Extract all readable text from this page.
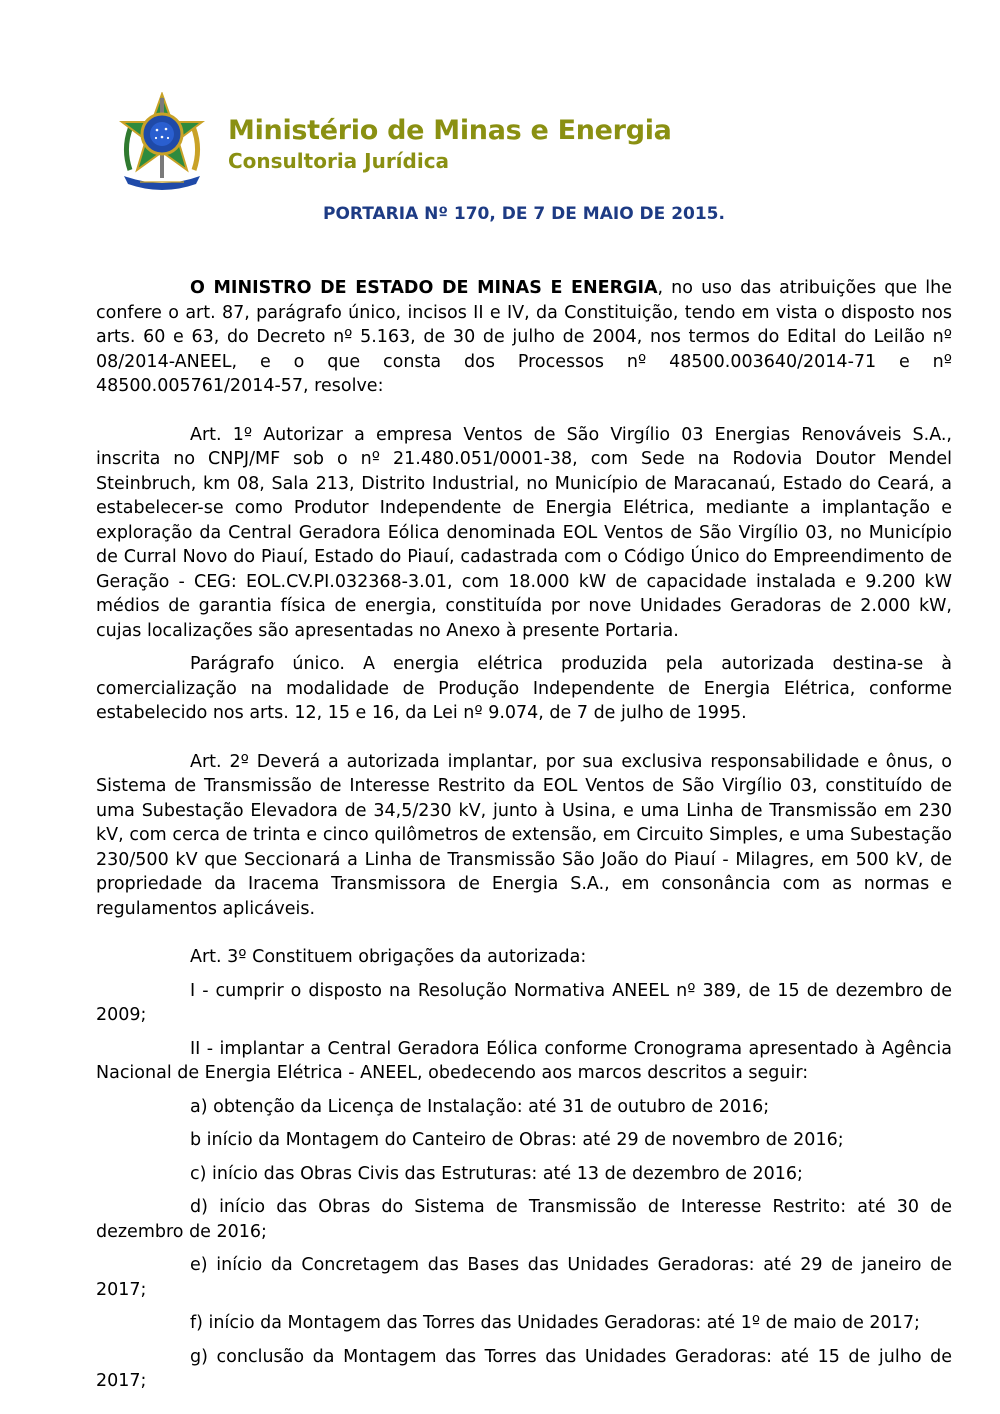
Ministério de Minas e Energia
Consultoria Jurídica
PORTARIA Nº 170, DE 7 DE MAIO DE 2015.

O MINISTRO DE ESTADO DE MINAS E ENERGIA, no uso das atribuições que lhe confere o art. 87, parágrafo único, incisos II e IV, da Constituição, tendo em vista o disposto nos arts. 60 e 63, do Decreto nº 5.163, de 30 de julho de 2004, nos termos do Edital do Leilão nº 08/2014-ANEEL, e o que consta dos Processos nº 48500.003640/2014-71 e nº 48500.005761/2014-57, resolve:

Art. 1º Autorizar a empresa Ventos de São Virgílio 03 Energias Renováveis S.A., inscrita no CNPJ/MF sob o nº 21.480.051/0001-38, com Sede na Rodovia Doutor Mendel Steinbruch, km 08, Sala 213, Distrito Industrial, no Município de Maracanaú, Estado do Ceará, a estabelecer-se como Produtor Independente de Energia Elétrica, mediante a implantação e exploração da Central Geradora Eólica denominada EOL Ventos de São Virgílio 03, no Município de Curral Novo do Piauí, Estado do Piauí, cadastrada com o Código Único do Empreendimento de Geração - CEG: EOL.CV.PI.032368-3.01, com 18.000 kW de capacidade instalada e 9.200 kW médios de garantia física de energia, constituída por nove Unidades Geradoras de 2.000 kW, cujas localizações são apresentadas no Anexo à presente Portaria.

Parágrafo único. A energia elétrica produzida pela autorizada destina-se à comercialização na modalidade de Produção Independente de Energia Elétrica, conforme estabelecido nos arts. 12, 15 e 16, da Lei nº 9.074, de 7 de julho de 1995.

Art. 2º Deverá a autorizada implantar, por sua exclusiva responsabilidade e ônus, o Sistema de Transmissão de Interesse Restrito da EOL Ventos de São Virgílio 03, constituído de uma Subestação Elevadora de 34,5/230 kV, junto à Usina, e uma Linha de Transmissão em 230 kV, com cerca de trinta e cinco quilômetros de extensão, em Circuito Simples, e uma Subestação 230/500 kV que Seccionará a Linha de Transmissão São João do Piauí - Milagres, em 500 kV, de propriedade da Iracema Transmissora de Energia S.A., em consonância com as normas e regulamentos aplicáveis.

Art. 3º Constituem obrigações da autorizada:

I - cumprir o disposto na Resolução Normativa ANEEL nº 389, de 15 de dezembro de 2009;

II - implantar a Central Geradora Eólica conforme Cronograma apresentado à Agência Nacional de Energia Elétrica - ANEEL, obedecendo aos marcos descritos a seguir:

a) obtenção da Licença de Instalação: até 31 de outubro de 2016;

b início da Montagem do Canteiro de Obras: até 29 de novembro de 2016;

c) início das Obras Civis das Estruturas: até 13 de dezembro de 2016;

d) início das Obras do Sistema de Transmissão de Interesse Restrito: até 30 de dezembro de 2016;

e) início da Concretagem das Bases das Unidades Geradoras: até 29 de janeiro de 2017;

f) início da Montagem das Torres das Unidades Geradoras: até 1º de maio de 2017;

g) conclusão da Montagem das Torres das Unidades Geradoras: até 15 de julho de 2017;
